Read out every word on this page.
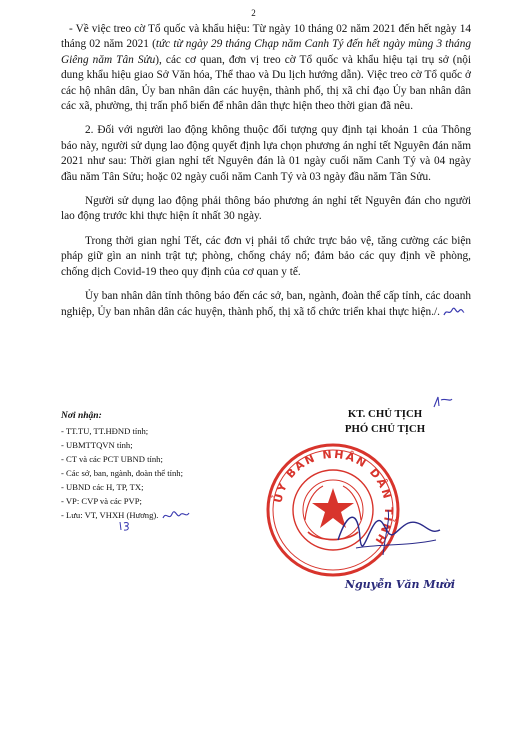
2

- Về việc treo cờ Tổ quốc và khẩu hiệu: Từ ngày 10 tháng 02 năm 2021 đến hết ngày 14 tháng 02 năm 2021 (tức từ ngày 29 tháng Chạp năm Canh Tý đến hết ngày mùng 3 tháng Giêng năm Tân Sửu), các cơ quan, đơn vị treo cờ Tổ quốc và khẩu hiệu tại trụ sở (nội dung khẩu hiệu giao Sở Văn hóa, Thể thao và Du lịch hướng dẫn). Việc treo cờ Tổ quốc ở các hộ nhân dân, Ủy ban nhân dân các huyện, thành phố, thị xã chỉ đạo Ủy ban nhân dân các xã, phường, thị trấn phổ biến để nhân dân thực hiện theo thời gian đã nêu.

2. Đối với người lao động không thuộc đối tượng quy định tại khoản 1 của Thông báo này, người sử dụng lao động quyết định lựa chọn phương án nghỉ tết Nguyên đán năm 2021 như sau: Thời gian nghỉ tết Nguyên đán là 01 ngày cuối năm Canh Tý và 04 ngày đầu năm Tân Sửu; hoặc 02 ngày cuối năm Canh Tý và 03 ngày đầu năm Tân Sửu.

Người sử dụng lao động phải thông báo phương án nghỉ tết Nguyên đán cho người lao động trước khi thực hiện ít nhất 30 ngày.

Trong thời gian nghỉ Tết, các đơn vị phải tổ chức trực bảo vệ, tăng cường các biện pháp giữ gìn an ninh trật tự; phòng, chống cháy nổ; đảm bảo các quy định về phòng, chống dịch Covid-19 theo quy định của cơ quan y tế.

Ủy ban nhân dân tỉnh thông báo đến các sở, ban, ngành, đoàn thể cấp tỉnh, các doanh nghiệp, Ủy ban nhân dân các huyện, thành phố, thị xã tổ chức triển khai thực hiện./.

Nơi nhận:
- TT.TU, TT.HĐND tỉnh;
- UBMTTQVN tỉnh;
- CT và các PCT UBND tỉnh;
- Các sở, ban, ngành, đoàn thể tỉnh;
- UBND các H, TP, TX;
- VP: CVP và các PVP;
- Lưu: VT, VHXH (Hương).
KT. CHỦ TỊCH
PHÓ CHỦ TỊCH
ỦY BAN NHÂN DÂN TỈNH
Nguyễn Văn Mười
